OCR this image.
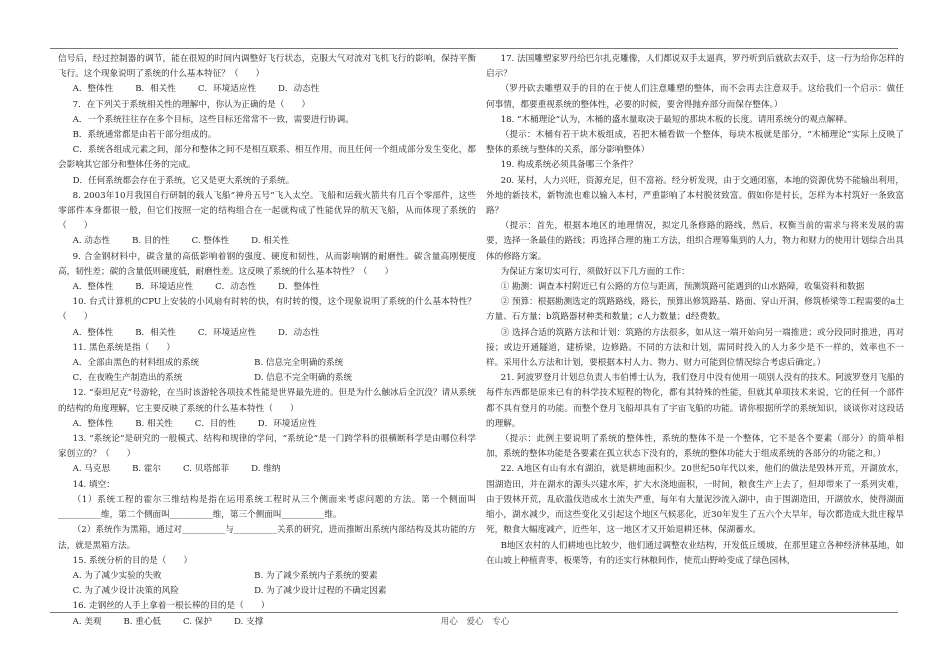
信号后，经过控制器的调节，能在很短的时间内调整好飞行状态，克服大气对流对飞机飞行的影响，保持平衡飞行。这个现象说明了系统的什么基本特征？（　　）

A．整体性	B．相关性	C．环境适应性	D．动态性

7．在下列关于系统相关性的理解中，你认为正确的是（　　）

A．一个系统往往存在多个目标，这些目标还常常不一致，需要进行协调。

B．系统通常都是由若干部分组成的。

C．系统各组成元素之间，部分和整体之间不是相互联系、相互作用，而且任何一个组成部分发生变化，都会影响其它部分和整体任务的完成。

D．任何系统都会存在于系统，它又是更大系统的子系统。

8. 2003年10月我国自行研制的载人飞船“神舟五号”飞入太空。飞船和运载火箭共有几百个零部件，这些零部件本身都很一般，但它们按照一定的结构组合在一起就构成了性能优异的航天飞船，从而体现了系统的（　　）

A. 动态性	B. 目的性	C. 整体性	D. 相关性

9. 合金钢材料中，碳含量的高低影响着钢的强度、硬度和韧性，从而影响钢的耐磨性。碳含量高刚便度高，韧性差；碳的含量低则硬度低，耐磨性差。这反映了系统的什么基本特性？（　　）

A．整体性	B．环境适应性	C．动态性	D．整体性

10. 台式计算机的CPU上安装的小风扇有时转的快，有时转的慢，这个现象说明了系统的什么基本特性？（　　）

A．整体性	B．相关性	C．环境适应性	D．动态性

11. 黑色系统是指（　　）

A．全部由黑色的材料组成的系统	B. 信息完全明确的系统
C．在夜晚生产制造出的系统	D. 信息不完全明确的系统

12. “泰坦尼克”号游轮，在当时该游轮各项技术性能是世界最先进的。但是为什么触冰后全沉没？请从系统的结构的角度理解，它主要反映了系统的什么基本特性（　　）

A．整体性	B. 相关性	C．目的性	D．环境适应性

13. “系统论”是研究的一般模式、结构和规律的学问，“系统论”是一门跨学科的很横断科学是由哪位科学家创立的？（　　）

A. 马克思	B. 霍尔	C. 贝塔郎菲	D. 维纳

14. 填空：

（1）系统工程的霍尔三维结构是指在运用系统工程时从三个侧面来考虑问题的方法。第一个侧面叫__________维，第二个侧面叫__________维，第三个侧面叫__________维。

（2）系统作为黑箱，通过对__________与__________关系的研究，进而推断出系统内部结构及其功能的方法，就是黑箱方法。

15. 系统分析的目的是（　　）

A. 为了减少实验的失败	B. 为了减少系统内子系统的要素
C. 为了减少设计决策的风险	D. 为了减少设计过程的不确定因素

16. 走钢丝的人手上拿着一根长棒的目的是（　　）

A. 美观	B. 重心低	C. 保护	D. 支撑

17. 法国雕塑家罗丹给巴尔扎克雕像，人们都说双手太逼真，罗丹听到后就砍去双手，这一行为给你怎样的启示？

（罗丹砍去雕塑双手的目的在于使人们注意雕塑的整体，而不会再去注意双手。这给我们一个启示：做任何事情，都要重视系统的整体性，必要的时候，要舍得抛弃部分而保存整体。）

18. “木桶理论”认为，木桶的盛水量取决于最短的那块木板的长度。请用系统分的观点解释。

（提示：木桶有若干块木板组成，若把木桶看做一个整体，每块木板就是部分，“木桶理论”实际上反映了整体的系统与整体的关系，部分影响整体）

19. 构成系统必须具备哪三个条件？

20. 某村，人力兴旺，资源充足，但不富裕。经分析发现，由于交通闭塞，本地的资源优势不能输出利用，外地的新技术，新物流也难以输入本村，严重影响了本村脱贫致富。假如你是村长，怎样为本村筑好一条致富路？

（提示：首先，根据本地区的地理情况，拟定几条修路的路线，然后，权衡当前的需求与将来发展的需要，选择一条最佳的路线；再选择合理的施工方法，组织合理筹集到的人力，物力和财力的使用计划综合出具体的修路方案。

为保证方案切实可行，须做好以下几方面的工作：

① 勘测：调查本村附近已有公路的方位与距离，预测筑路可能遇到的山水路障，收集资料和数据

② 预算：根据勘测选定的筑路路线，路长，预算出修筑路基、路面、穿山开洞，修筑桥梁等工程需要的a土方量、石方量；b筑路器材种类和数量；c人力数量；d经费数。

③ 选择合适的筑路方法和计划：筑路的方法很多，如从这一端开始向另一端推进；或分段同时推进，再对接；或边开通隧道，建桥梁，边修路。不同的方法和计划，需同时投入的人力多少是不一样的，效率也不一样。采用什么方法和计划，要根据本村人力、物力、财力可能到位情况综合考虑后确定。）

21. 阿波罗登月计划总负责人韦伯博士认为，我们登月中没有使用一项别人没有的技术。阿波罗登月飞船的每件东西都是原来已有的科学技术短程的物化，都有其特殊的性能，但就其单项技术来说，它的任何一个部件都不具有登月的功能。而整个登月飞船却具有了宇宙飞船的功能。请你根据所学的系统知识，谈谈你对这段话的理解。

（提示：此例主要说明了系统的整体性，系统的整体不是一个整体，它不是各个要素（部分）的简单相加，系统的整体功能是各要素在孤立状态下没有的，系统的整体功能大于组成系统的各部分的功能之和。）

22. A地区有山有水有湖泊，就是耕地面积少。20世纪50年代以来，他们的做法是毁林开荒，开湖放水，围湖造田，并在湖水的源头兴建水库，扩大水浇地面积，一时间，粮食生产上去了，但却带来了一系列灾难，由于毁林开荒，乱砍滥伐造成水土流失严重，每年有大量泥沙流入湖中，由于围湖造田，开湖放水，使得湖面缩小，湖水减少，而这些变化又引起这个地区气候恶化，近30年发生了五六个大旱年，每次都造成大批庄稼旱死，粮食大幅度减产，近些年，这一地区才又开始退耕还林，保湖蓄水。

B地区农村的人们耕地也比较少，他们通过调整农业结构，开发低丘缓坡，在那里建立各种经济林基地，如在山坡上种植青枣，板栗等，有的还实行林粮间作，使荒山野岭变成了绿色园林，

用心　爱心　专心
